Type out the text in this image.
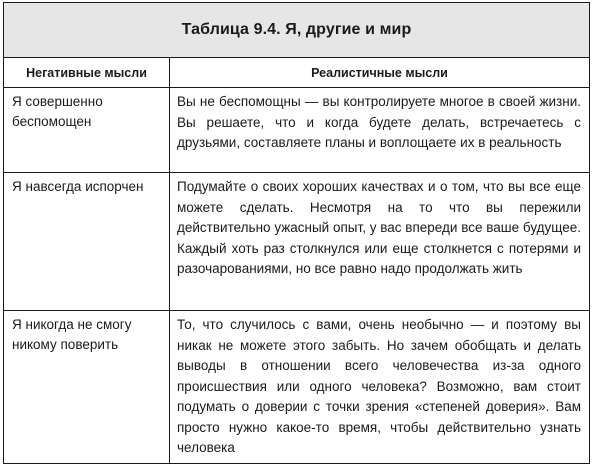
Таблица 9.4. Я, другие и мир	
Негативные мысли	Реалистичные мысли
Я совершенно беспомощен	Вы не беспомощны — вы контролируете многое в своей жизни. Вы решаете, что и когда будете делать, встречаетесь с друзьями, составляете планы и воплощаете их в реальность
Я навсегда испорчен	Подумайте о своих хороших качествах и о том, что вы все еще можете сделать. Несмотря на то что вы пережили действительно ужасный опыт, у вас впереди все ваше будущее. Каждый хоть раз столкнулся или еще столкнется с потерями и разочарованиями, но все равно надо продолжать жить
Я никогда не смогу никому поверить	То, что случилось с вами, очень необычно — и поэтому вы никак не можете этого забыть. Но зачем обобщать и делать выводы в отношении всего человечества из-за одного происшествия или одного человека? Возможно, вам стоит подумать о доверии с точки зрения «степеней доверия». Вам просто нужно какое-то время, чтобы действительно узнать человека
